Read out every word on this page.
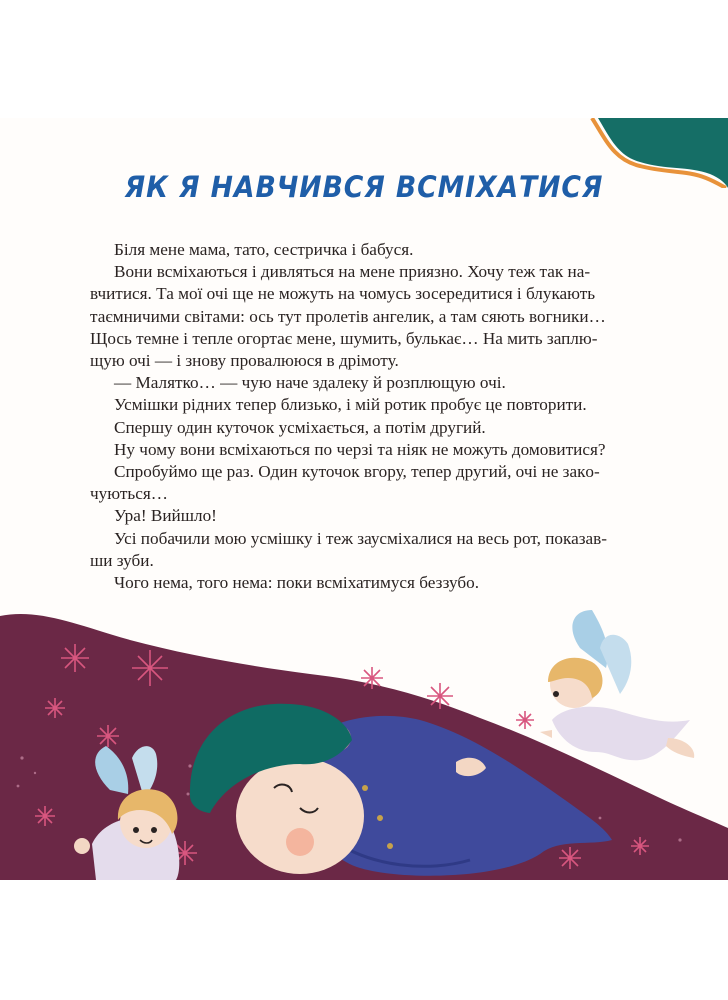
ЯК Я НАВЧИВСЯ ВСМІХАТИСЯ

Біля мене мама, тато, сестричка і бабуся.

Вони всміхаються і дивляться на мене приязно. Хочу теж так на-

вчитися. Та мої очі ще не можуть на чомусь зосередитися і блукають

таємничими світами: ось тут пролетів ангелик, а там сяють вогники…

Щось темне і тепле огортає мене, шумить, булькає… На мить заплю-

щую очі — і знову провалююся в дрімоту.

— Малятко… — чую наче здалеку й розплющую очі.

Усмішки рідних тепер близько, і мій ротик пробує це повторити.

Спершу один куточок усміхається, а потім другий.

Ну чому вони всміхаються по черзі та ніяк не можуть домовитися?

Спробуймо ще раз. Один куточок вгору, тепер другий, очі не закo-

чуються…

Ура! Вийшло!

Усі побачили мою усмішку і теж заусміхалися на весь рот, показав-

ши зуби.

Чого нема, того нема: поки всміхатимуся беззубо.
